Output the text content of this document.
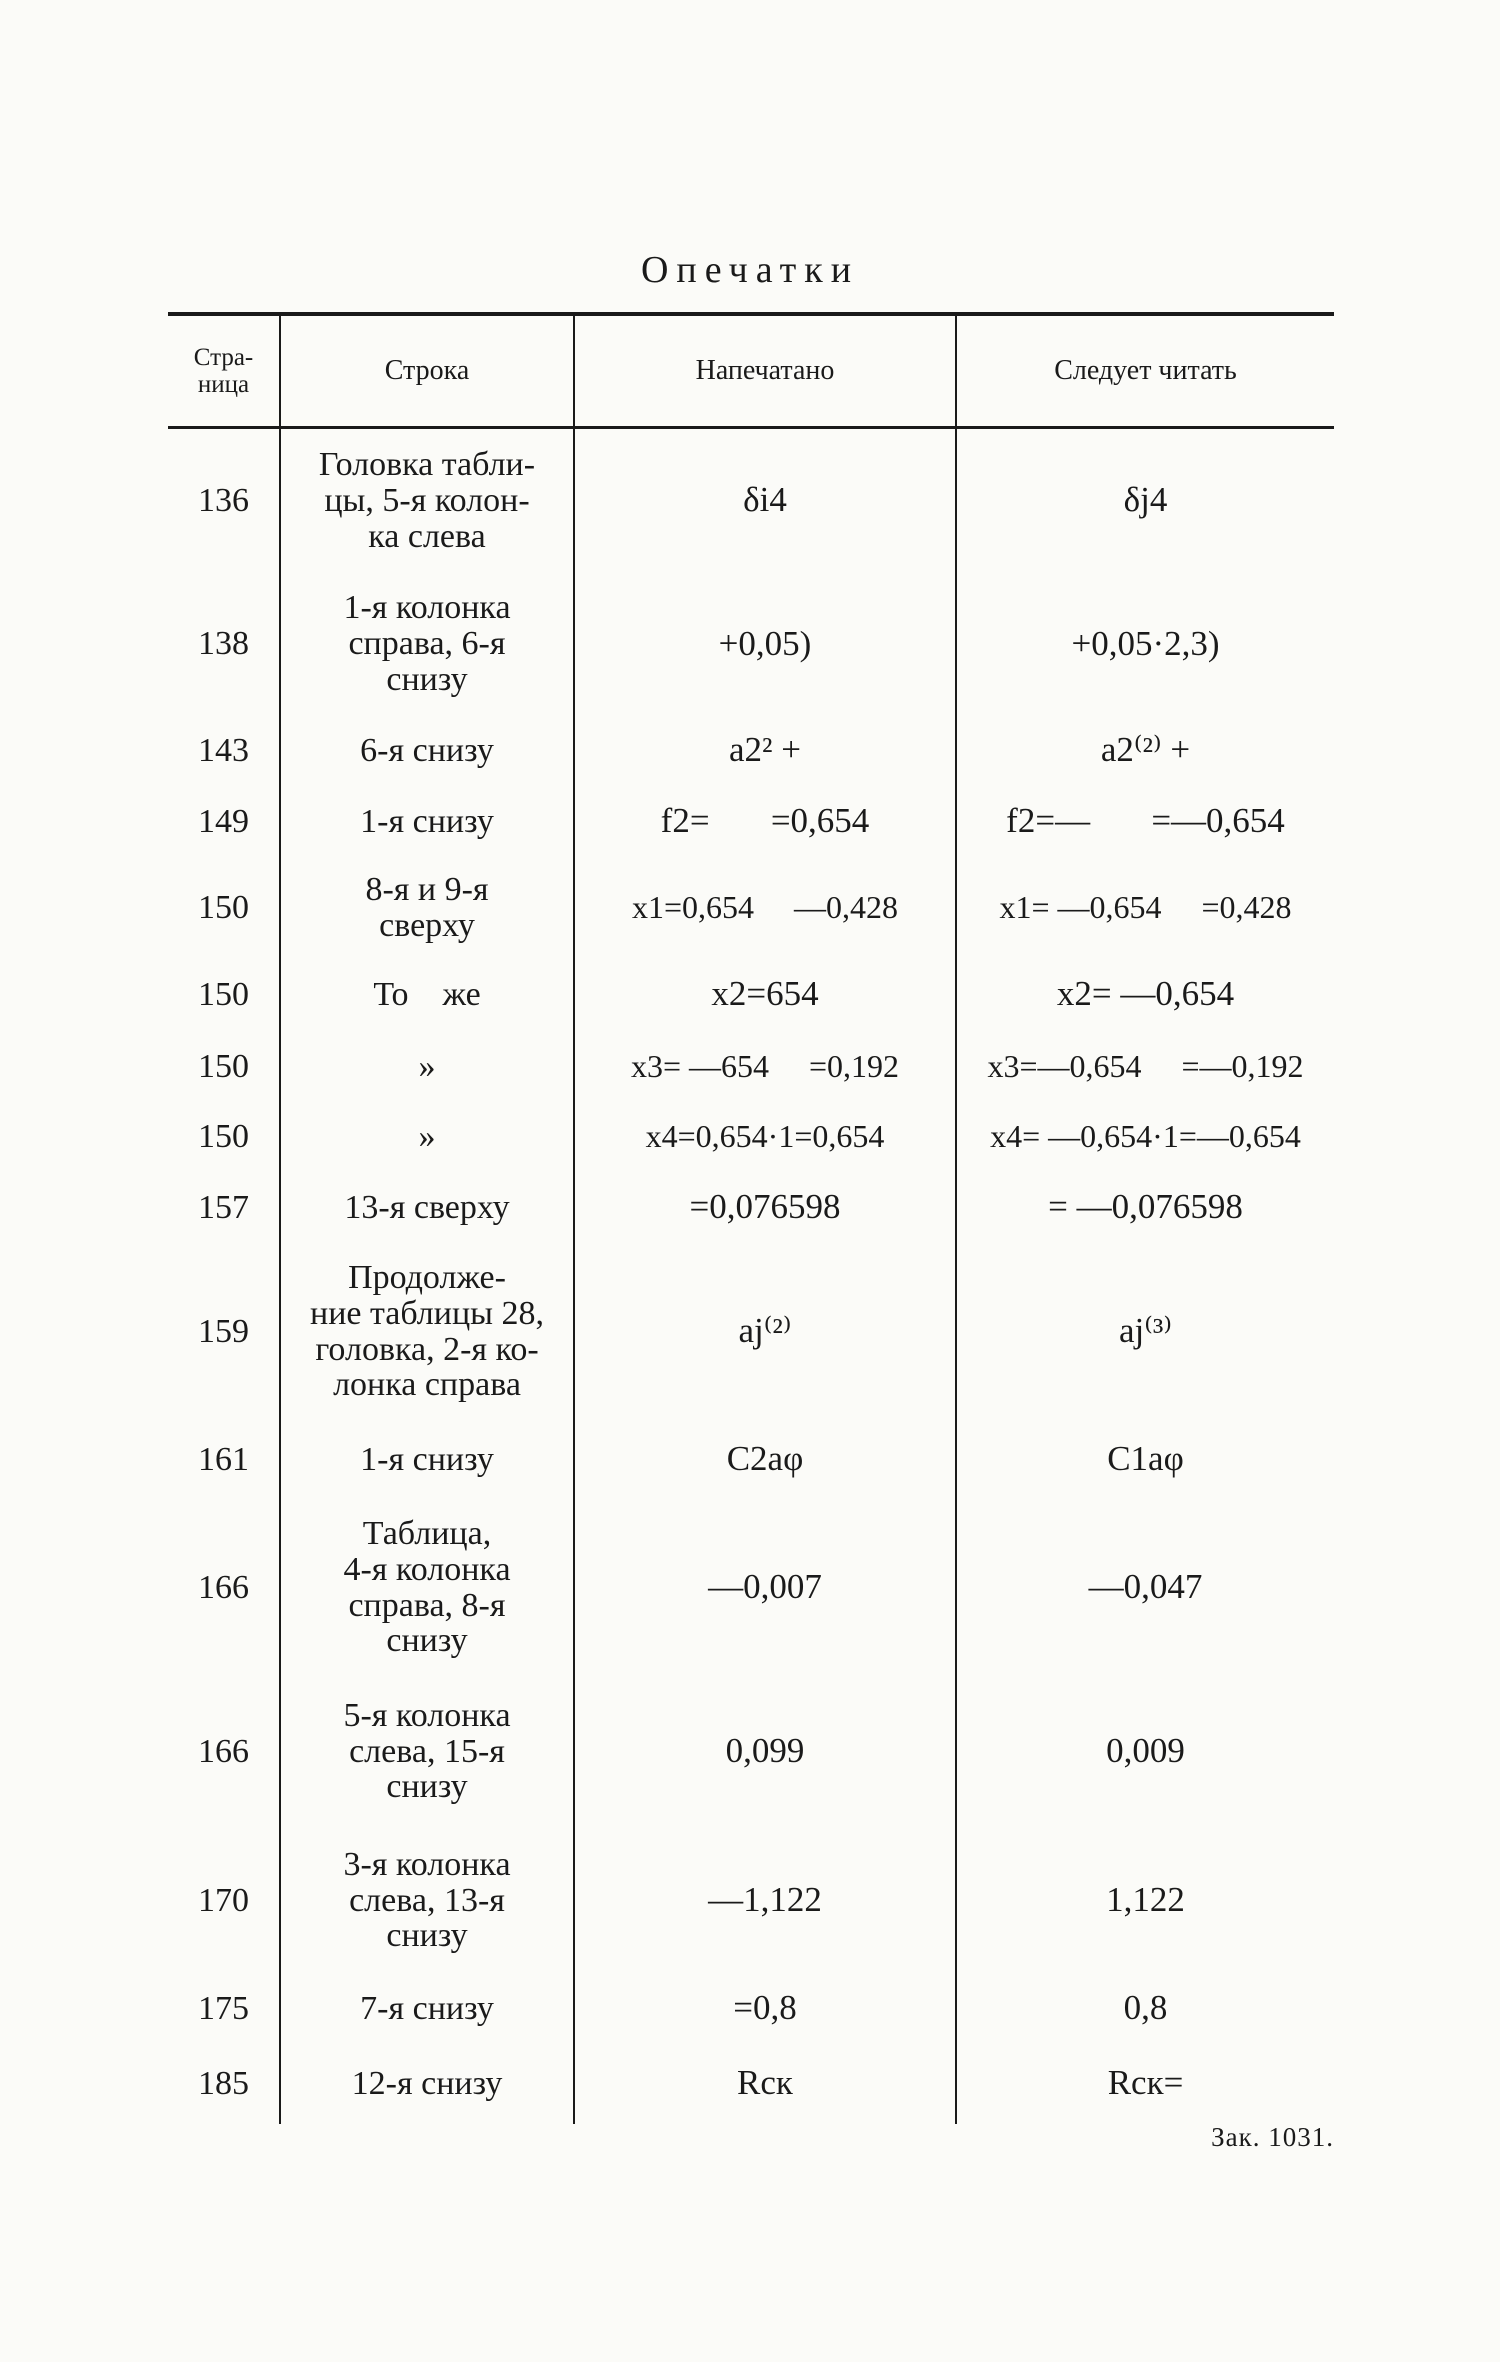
Опечатки
Стра-
ница	Строка	Напечатано	Следует читать
136	Головка табли-
цы, 5-я колон-
ка слева	δi4	δj4
138	1-я колонка
справа, 6-я
снизу	+0,05)	+0,05·2,3)
143	6-я снизу	a2² +	a2⁽²⁾ +
149	1-я снизу	f2=       =0,654	f2=—       =—0,654
150	8-я и 9-я
сверху	x1=0,654     —0,428	x1= —0,654     =0,428
150	То    же	x2=654	x2= —0,654
150	»	x3= —654     =0,192	x3=—0,654     =—0,192
150	»	x4=0,654·1=0,654	x4= —0,654·1=—0,654
157	13-я сверху	=0,076598	= —0,076598
159	Продолже-
ние таблицы 28,
головка, 2-я ко-
лонка справа	aj⁽²⁾	aj⁽³⁾
161	1-я снизу	C2aφ	C1aφ
166	Таблица,
4-я колонка
справа, 8-я
снизу	—0,007	—0,047
166	5-я колонка
слева, 15-я
снизу	0,099	0,009
170	3-я колонка
слева, 13-я
снизу	—1,122	1,122
175	7-я снизу	=0,8	0,8
185	12-я снизу	Rск	Rск=
Зак. 1031.
